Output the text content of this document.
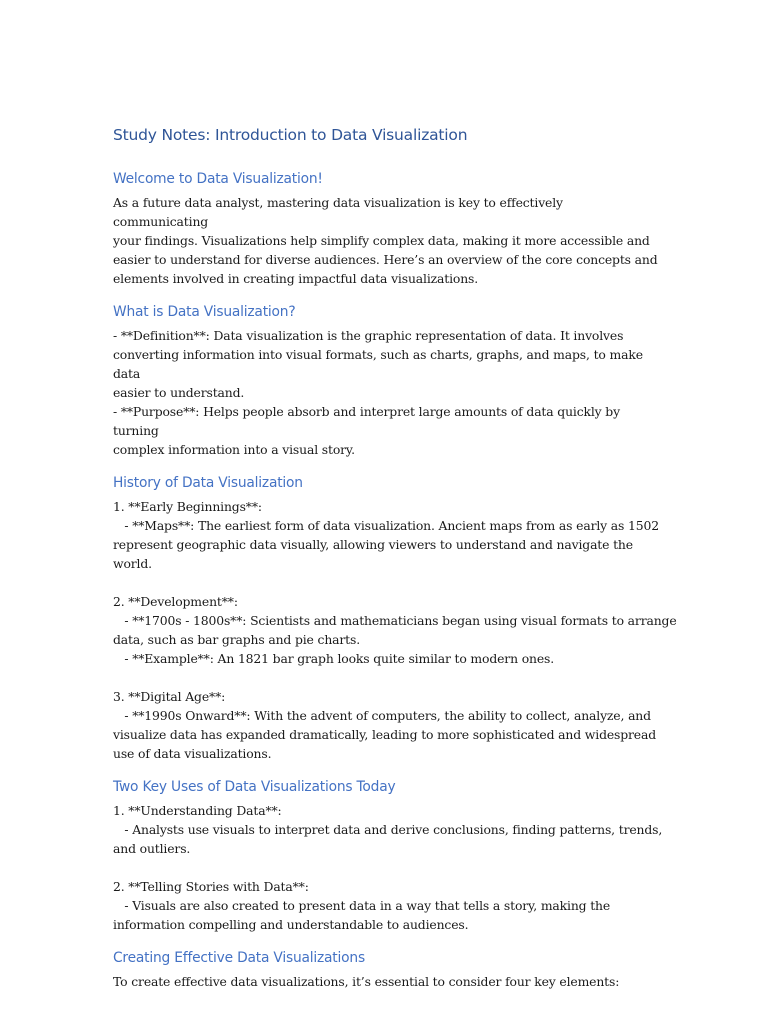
Study Notes: Introduction to Data Visualization
Welcome to Data Visualization!
As a future data analyst, mastering data visualization is key to effectively communicating
your findings. Visualizations help simplify complex data, making it more accessible and
easier to understand for diverse audiences. Here’s an overview of the core concepts and
elements involved in creating impactful data visualizations.
What is Data Visualization?
- **Definition**: Data visualization is the graphic representation of data. It involves
converting information into visual formats, such as charts, graphs, and maps, to make data
easier to understand.
- **Purpose**: Helps people absorb and interpret large amounts of data quickly by turning
complex information into a visual story.
History of Data Visualization
1. **Early Beginnings**:
- **Maps**: The earliest form of data visualization. Ancient maps from as early as 1502
represent geographic data visually, allowing viewers to understand and navigate the world.
2. **Development**:
- **1700s - 1800s**: Scientists and mathematicians began using visual formats to arrange
data, such as bar graphs and pie charts.
- **Example**: An 1821 bar graph looks quite similar to modern ones.
3. **Digital Age**:
- **1990s Onward**: With the advent of computers, the ability to collect, analyze, and
visualize data has expanded dramatically, leading to more sophisticated and widespread
use of data visualizations.
Two Key Uses of Data Visualizations Today
1. **Understanding Data**:
- Analysts use visuals to interpret data and derive conclusions, finding patterns, trends,
and outliers.
2. **Telling Stories with Data**:
- Visuals are also created to present data in a way that tells a story, making the
information compelling and understandable to audiences.
Creating Effective Data Visualizations
To create effective data visualizations, it’s essential to consider four key elements:
